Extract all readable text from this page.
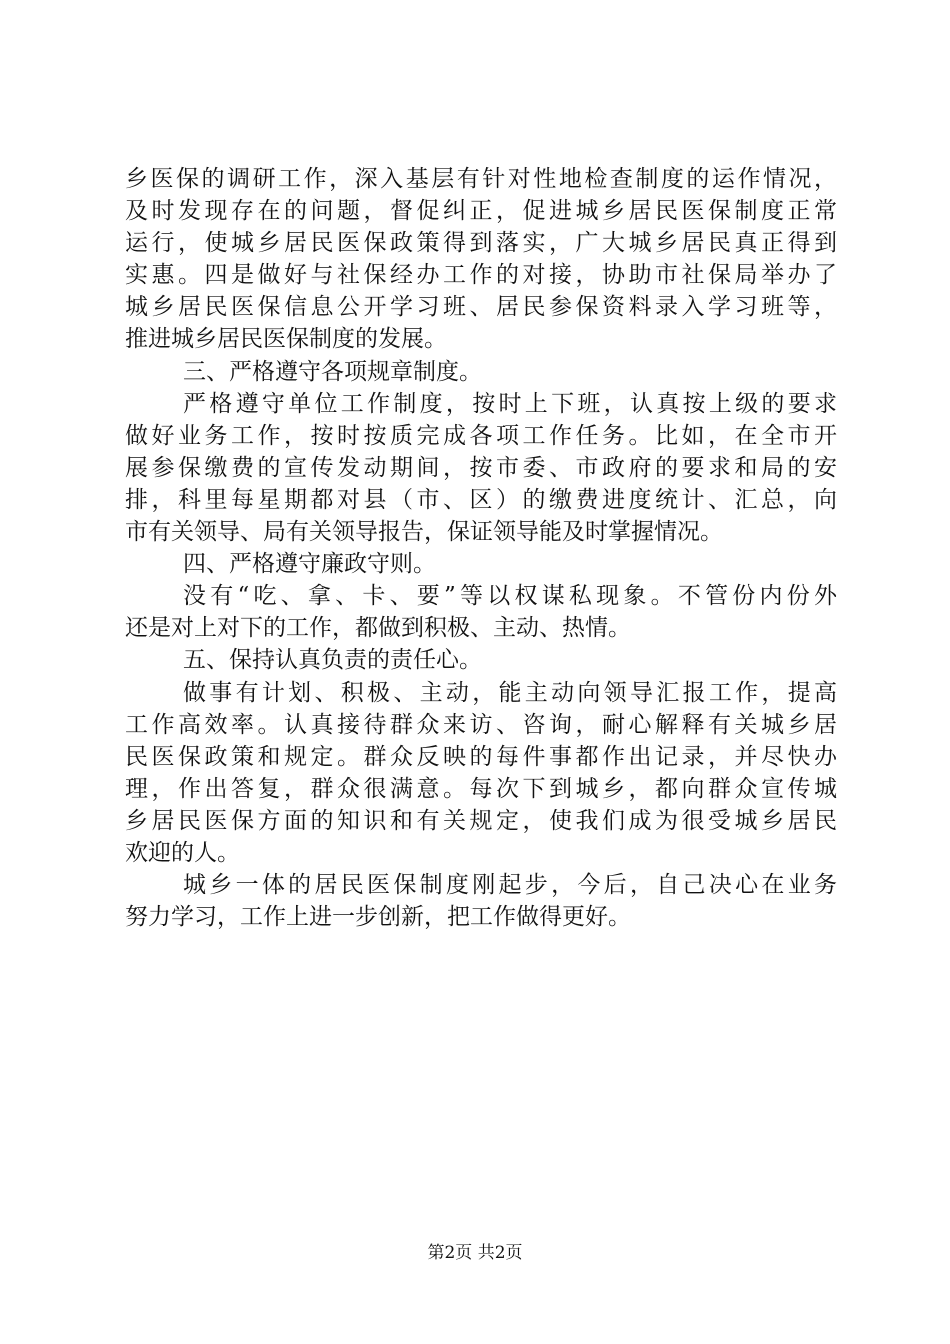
乡医保的调研工作，深入基层有针对性地检查制度的运作情况，
及时发现存在的问题，督促纠正，促进城乡居民医保制度正常
运行，使城乡居民医保政策得到落实，广大城乡居民真正得到
实惠。四是做好与社保经办工作的对接，协助市社保局举办了
城乡居民医保信息公开学习班、居民参保资料录入学习班等，
推进城乡居民医保制度的发展。
三、严格遵守各项规章制度。
严格遵守单位工作制度，按时上下班，认真按上级的要求
做好业务工作，按时按质完成各项工作任务。比如，在全市开
展参保缴费的宣传发动期间，按市委、市政府的要求和局的安
排，科里每星期都对县（市、区）的缴费进度统计、汇总，向
市有关领导、局有关领导报告，保证领导能及时掌握情况。
四、严格遵守廉政守则。
没有“吃、拿、卡、要”等以权谋私现象。不管份内份外
还是对上对下的工作，都做到积极、主动、热情。
五、保持认真负责的责任心。
做事有计划、积极、主动，能主动向领导汇报工作，提高
工作高效率。认真接待群众来访、咨询，耐心解释有关城乡居
民医保政策和规定。群众反映的每件事都作出记录，并尽快办
理，作出答复，群众很满意。每次下到城乡，都向群众宣传城
乡居民医保方面的知识和有关规定，使我们成为很受城乡居民
欢迎的人。
城乡一体的居民医保制度刚起步，今后，自己决心在业务
努力学习，工作上进一步创新，把工作做得更好。
第2页 共2页
